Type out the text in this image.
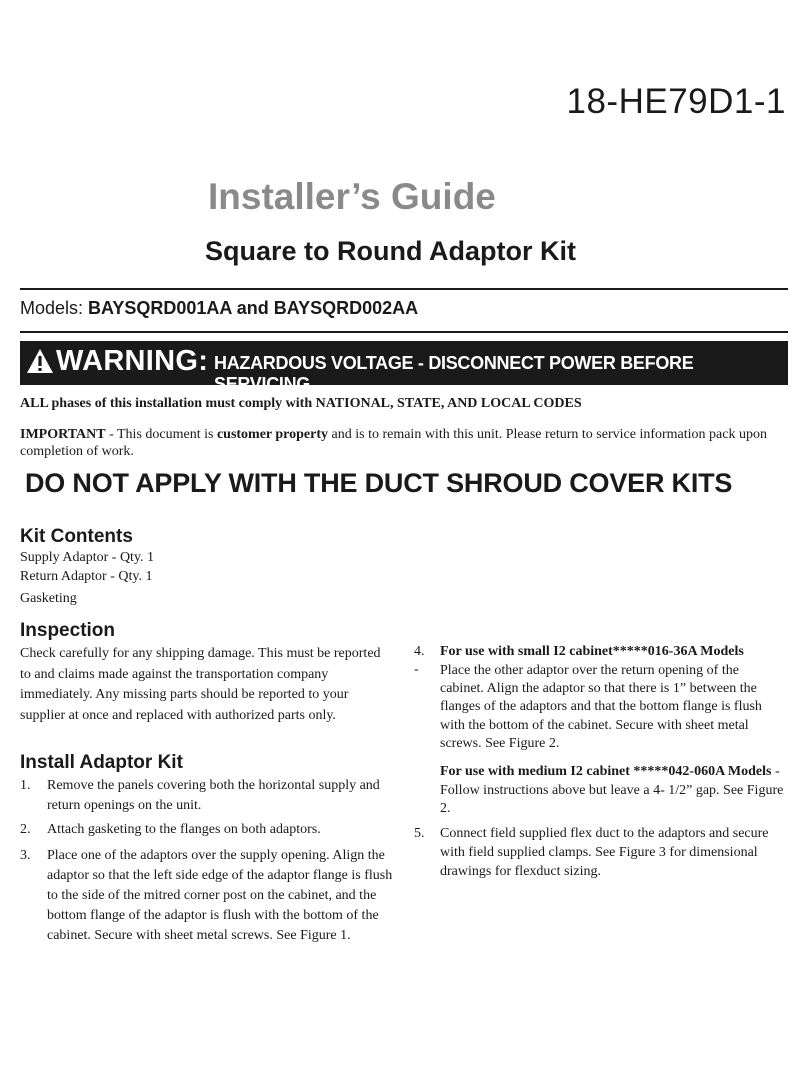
18-HE79D1-1
Installer’s Guide
Square to Round Adaptor Kit
Models: BAYSQRD001AA and BAYSQRD002AA
WARNING: HAZARDOUS VOLTAGE - DISCONNECT POWER BEFORE SERVICING
ALL phases of this installation must comply with NATIONAL, STATE, AND LOCAL CODES
IMPORTANT - This document is customer property and is to remain with this unit. Please return to service information pack upon completion of work.
DO NOT APPLY WITH THE DUCT SHROUD COVER KITS
Kit Contents
Supply Adaptor - Qty. 1
Return Adaptor - Qty. 1
Gasketing
Inspection
Check carefully for any shipping damage. This must be reported to and claims made against the transportation company immediately. Any missing parts should be reported to your supplier at once and replaced with authorized parts only.
Install Adaptor Kit
1. Remove the panels covering both the horizontal supply and return openings on the unit.
2. Attach gasketing to the flanges on both adaptors.
3. Place one of the adaptors over the supply opening. Align the adaptor so that the left side edge of the adaptor flange is flush to the side of the mitred corner post on the cabinet, and the bottom flange of the adaptor is flush with the bottom of the cabinet. Secure with sheet metal screws. See Figure 1.
4. For use with small I2 cabinet*****016-36A Models
- Place the other adaptor over the return opening of the cabinet. Align the adaptor so that there is 1” between the flanges of the adaptors and that the bottom flange is flush with the bottom of the cabinet. Secure with sheet metal screws. See Figure 2.
For use with medium I2 cabinet *****042-060A Models - Follow instructions above but leave a 4- 1/2” gap. See Figure 2.
5. Connect field supplied flex duct to the adaptors and secure with field supplied clamps. See Figure 3 for dimensional drawings for flexduct sizing.
